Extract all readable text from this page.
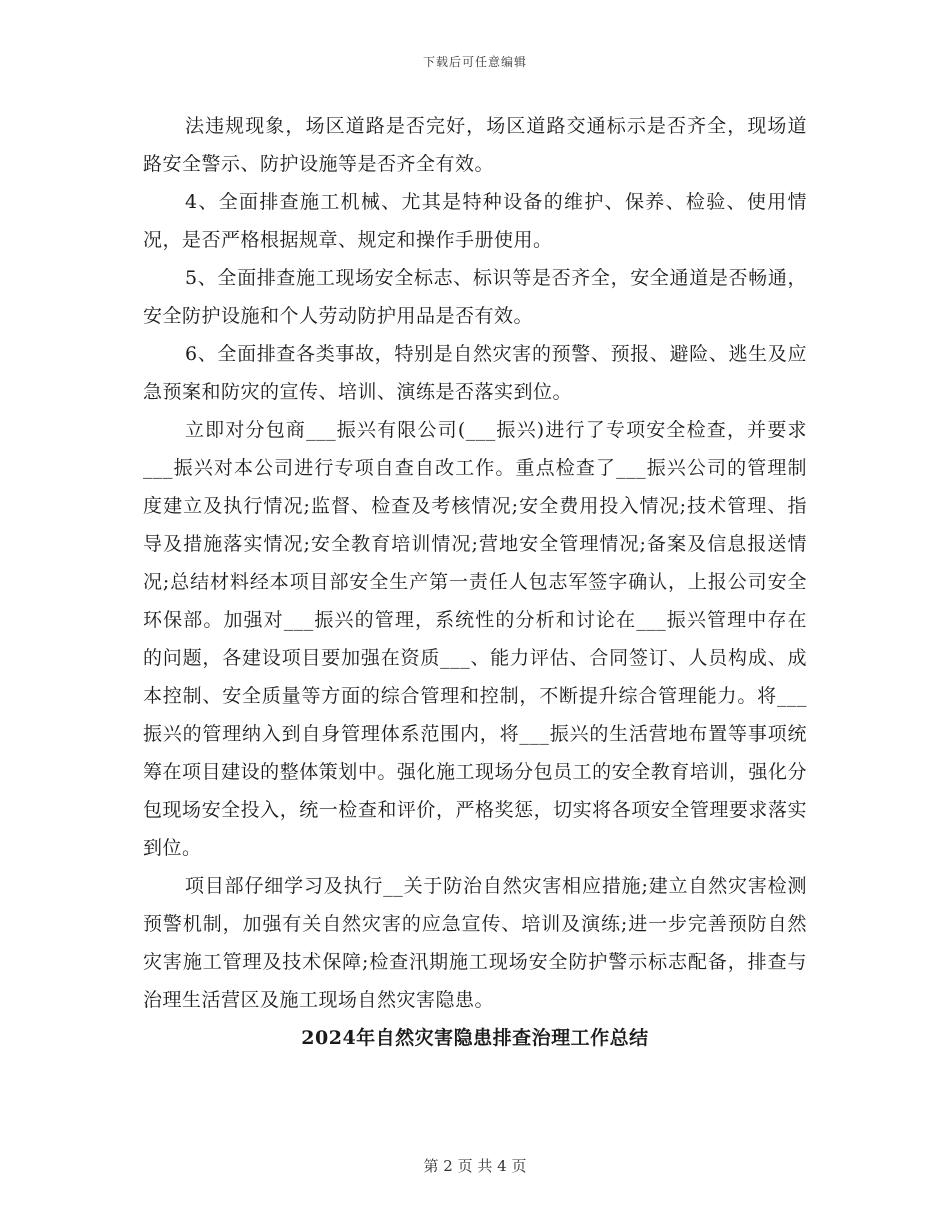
下载后可任意编辑

法违规现象，场区道路是否完好，场区道路交通标示是否齐全，现场道路安全警示、防护设施等是否齐全有效。

4、全面排查施工机械、尤其是特种设备的维护、保养、检验、使用情况，是否严格根据规章、规定和操作手册使用。

5、全面排查施工现场安全标志、标识等是否齐全，安全通道是否畅通，安全防护设施和个人劳动防护用品是否有效。

6、全面排查各类事故，特别是自然灾害的预警、预报、避险、逃生及应急预案和防灾的宣传、培训、演练是否落实到位。

立即对分包商___振兴有限公司(___振兴)进行了专项安全检查，并要求___振兴对本公司进行专项自查自改工作。重点检查了___振兴公司的管理制度建立及执行情况;监督、检查及考核情况;安全费用投入情况;技术管理、指导及措施落实情况;安全教育培训情况;营地安全管理情况;备案及信息报送情况;总结材料经本项目部安全生产第一责任人包志军签字确认，上报公司安全环保部。加强对___振兴的管理，系统性的分析和讨论在___振兴管理中存在的问题，各建设项目要加强在资质___、能力评估、合同签订、人员构成、成本控制、安全质量等方面的综合管理和控制，不断提升综合管理能力。将___振兴的管理纳入到自身管理体系范围内，将___振兴的生活营地布置等事项统筹在项目建设的整体策划中。强化施工现场分包员工的安全教育培训，强化分包现场安全投入，统一检查和评价，严格奖惩，切实将各项安全管理要求落实到位。

项目部仔细学习及执行__关于防治自然灾害相应措施;建立自然灾害检测预警机制，加强有关自然灾害的应急宣传、培训及演练;进一步完善预防自然灾害施工管理及技术保障;检查汛期施工现场安全防护警示标志配备，排查与治理生活营区及施工现场自然灾害隐患。

2024年自然灾害隐患排查治理工作总结

第 2 页 共 4 页
